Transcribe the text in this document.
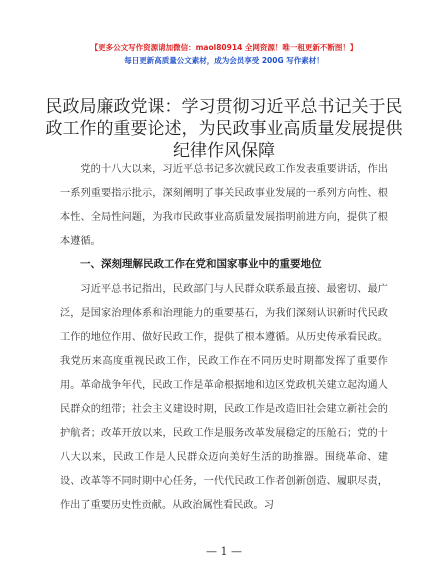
【更多公文写作资源请加微信：maol80914 全网资源！唯一租更新不断图！】
每日更新高质量公文素材，成为会员享受 200G 写作素材！
民政局廉政党课：学习贯彻习近平总书记关于民政工作的重要论述，为民政事业高质量发展提供纪律作风保障

党的十八大以来，习近平总书记多次就民政工作发表重要讲话，作出一系列重要指示批示，深刻阐明了事关民政事业发展的一系列方向性、根本性、全局性问题，为我市民政事业高质量发展指明前进方向，提供了根本遵循。

一、深刻理解民政工作在党和国家事业中的重要地位

习近平总书记指出，民政部门与人民群众联系最直接、最密切、最广泛，是国家治理体系和治理能力的重要基石，为我们深刻认识新时代民政工作的地位作用、做好民政工作，提供了根本遵循。从历史传承看民政。我党历来高度重视民政工作，民政工作在不同历史时期都发挥了重要作用。革命战争年代，民政工作是革命根据地和边区党政机关建立起沟通人民群众的纽带；社会主义建设时期，民政工作是改造旧社会建立新社会的护航者；改革开放以来，民政工作是服务改革发展稳定的压舱石；党的十八大以来，民政工作是人民群众迈向美好生活的助推器。围绕革命、建设、改革等不同时期中心任务，一代代民政工作者创新创造、履职尽责，作出了重要历史性贡献。从政治属性看民政。习

— 1 —
